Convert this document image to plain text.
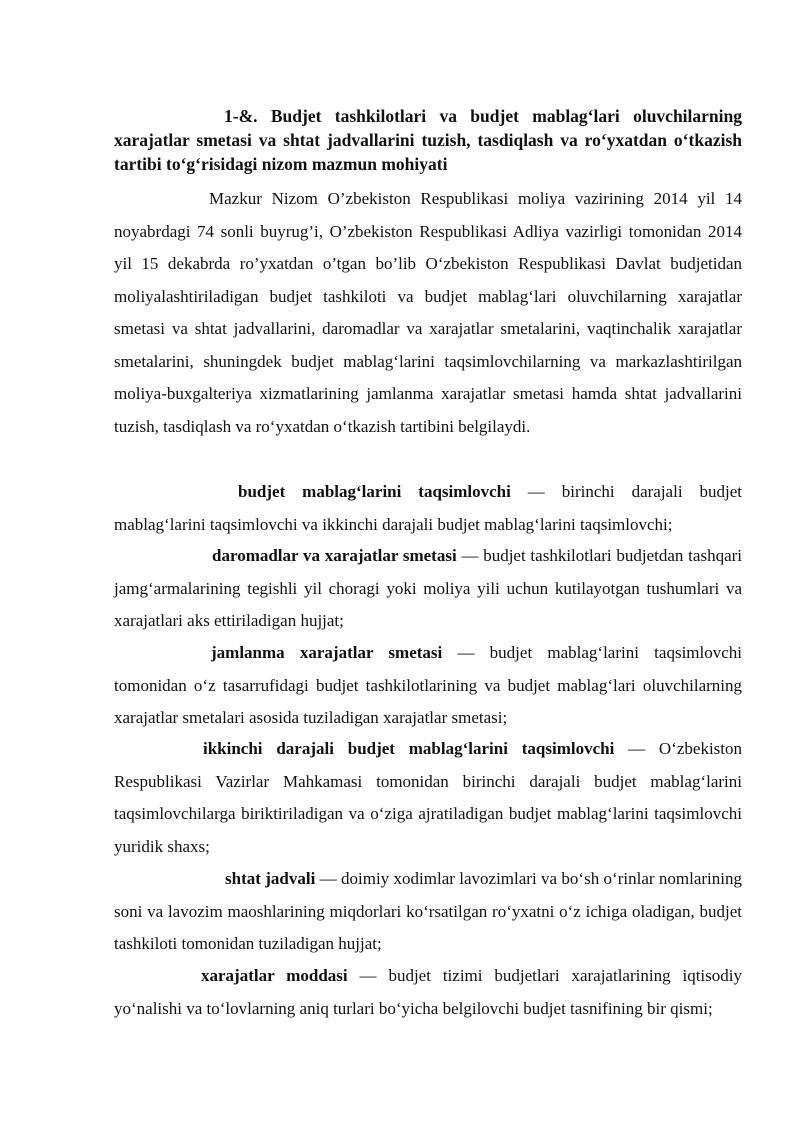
1-&. Budjet tashkilotlari va budjet mablag‘lari oluvchilarning xarajatlar smetasi va shtat jadvallarini tuzish, tasdiqlash va ro‘yxatdan o‘tkazish tartibi to‘g‘risidagi nizom mazmun mohiyati

Mazkur Nizom O’zbekiston Respublikasi moliya vazirining 2014 yil 14 noyabrdagi 74 sonli buyrug’i, O’zbekiston Respublikasi Adliya vazirligi tomonidan 2014 yil 15 dekabrda ro’yxatdan o’tgan bo’lib O‘zbekiston Respublikasi Davlat budjetidan moliyalashtiriladigan budjet tashkiloti va budjet mablag‘lari oluvchilarning xarajatlar smetasi va shtat jadvallarini, daromadlar va xarajatlar smetalarini, vaqtinchalik xarajatlar smetalarini, shuningdek budjet mablag‘larini taqsimlovchilarning va markazlashtirilgan moliya-buxgalteriya xizmatlarining jamlanma xarajatlar smetasi hamda shtat jadvallarini tuzish, tasdiqlash va ro‘yxatdan o‘tkazish tartibini belgilaydi.

budjet mablag‘larini taqsimlovchi — birinchi darajali budjet mablag‘larini taqsimlovchi va ikkinchi darajali budjet mablag‘larini taqsimlovchi;

daromadlar va xarajatlar smetasi — budjet tashkilotlari budjetdan tashqari jamg‘armalarining tegishli yil choragi yoki moliya yili uchun kutilayotgan tushumlari va xarajatlari aks ettiriladigan hujjat;

jamlanma xarajatlar smetasi — budjet mablag‘larini taqsimlovchi tomonidan o‘z tasarrufidagi budjet tashkilotlarining va budjet mablag‘lari oluvchilarning xarajatlar smetalari asosida tuziladigan xarajatlar smetasi;

ikkinchi darajali budjet mablag‘larini taqsimlovchi — O‘zbekiston Respublikasi Vazirlar Mahkamasi tomonidan birinchi darajali budjet mablag‘larini taqsimlovchilarga biriktiriladigan va o‘ziga ajratiladigan budjet mablag‘larini taqsimlovchi yuridik shaxs;

shtat jadvali — doimiy xodimlar lavozimlari va bo‘sh o‘rinlar nomlarining soni va lavozim maoshlarining miqdorlari ko‘rsatilgan ro‘yxatni o‘z ichiga oladigan, budjet tashkiloti tomonidan tuziladigan hujjat;

xarajatlar moddasi — budjet tizimi budjetlari xarajatlarining iqtisodiy yo‘nalishi va to‘lovlarning aniq turlari bo‘yicha belgilovchi budjet tasnifining bir qismi;
